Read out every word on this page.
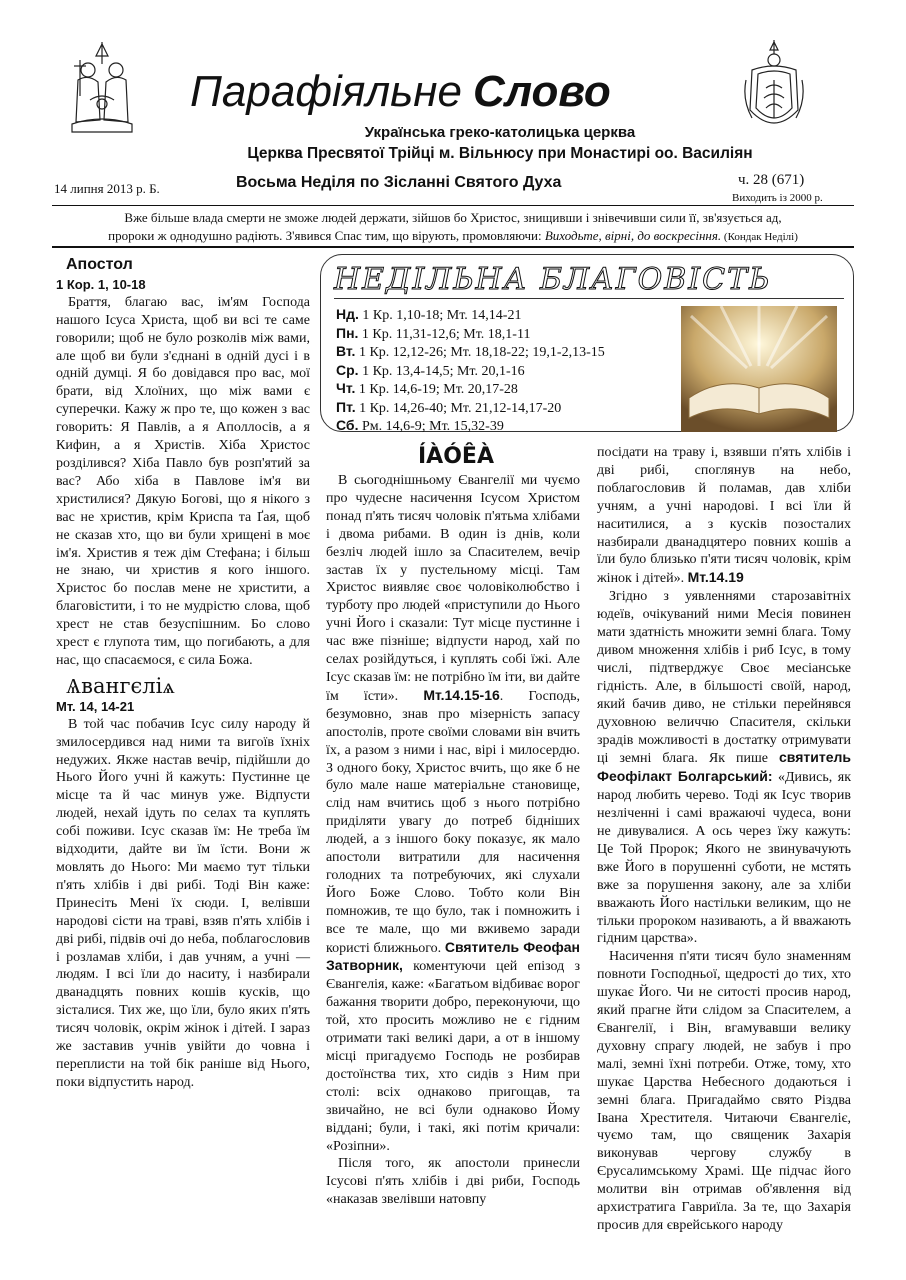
Парафіяльне Слово
Українська греко-католицька церква
Церква Пресвятої Трійці м. Вільнюсу при Монастирі оо. Василіян
14 липня 2013 р. Б.	Восьма Неділя по Зісланні Святого Духа	ч. 28 (671)
Виходить із 2000 р.
Вже більше влада смерти не зможе людей держати, зійшов бо Христос, знищивши і знівечивши сили її, зв'язується ад,
пророки ж однодушно радіють. З'явився Спас тим, що вірують, промовляючи: Виходьте, вірні, до воскресіння. (Кондак Неділі)
Апостол
1 Кор. 1, 10-18

Браття, благаю вас, ім'ям Господа нашого Ісуса Христа, щоб ви всі те саме говорили; щоб не було розколів між вами, але щоб ви були з'єднані в одній дусі і в одній думці. Я бо довідався про вас, мої брати, від Хлоїних, що між вами є суперечки. Кажу ж про те, що кожен з вас говорить: Я Павлів, а я Аполлосів, а я Кифин, а я Христів. Хіба Христос розділився? Хіба Павло був розп'ятий за вас? Або хіба в Павлове ім'я ви христилися? Дякую Богові, що я нікого з вас не христив, крім Криспа та Ґая, щоб не сказав хто, що ви були хрищені в моє ім'я. Христив я теж дім Стефана; і більш не знаю, чи христив я кого іншого. Христос бо послав мене не христити, а благовістити, і то не мудрістю слова, щоб хрест не став безуспішним. Бо слово хрест є глупота тим, що погибають, а для нас, що спасаємося, є сила Божа.

Ѧвангєліѧ
Мт. 14, 14-21

В той час побачив Ісус силу народу й змилосердився над ними та вигоїв їхніх недужих. Якже настав вечір, підійшли до Нього Його учні й кажуть: Пустинне це місце та й час минув уже. Відпусти людей, нехай ідуть по селах та куплять собі поживи. Ісус сказав їм: Не треба їм відходити, дайте ви їм їсти. Вони ж мовлять до Нього: Ми маємо тут тільки п'ять хлібів і дві рибі. Тоді Він каже: Принесіть Мені їх сюди. І, велівши народові сісти на траві, взяв п'ять хлібів і дві рибі, підвів очі до неба, поблагословив і розламав хліби, і дав учням, а учні — людям. І всі їли до наситу, і назбирали дванадцять повних кошів кусків, що зісталися. Тих же, що їли, було яких п'ять тисяч чоловік, окрім жінок і дітей. І зараз же заставив учнів увійти до човна і переплисти на той бік раніше від Нього, поки відпустить народ.

НЕДІЛЬНА БЛАГОВІСТЬ
Нд. 1 Кр. 1,10-18; Мт. 14,14-21
Пн. 1 Кр. 11,31-12,6; Мт. 18,1-11
Вт. 1 Кр. 12,12-26; Мт. 18,18-22; 19,1-2,13-15
Ср. 1 Кр. 13,4-14,5; Мт. 20,1-16
Чт. 1 Кр. 14,6-19; Мт. 20,17-28
Пт. 1 Кр. 14,26-40; Мт. 21,12-14,17-20
Сб. Рм. 14,6-9; Мт. 15,32-39
ÍÀÓÊÀ

В сьогоднішньому Євангелії ми чуємо про чудесне насичення Ісусом Христом понад п'ять тисяч чоловік п'ятьма хлібами і двома рибами. В один із днів, коли безліч людей ішло за Спасителем, вечір застав їх у пустельному місці. Там Христос виявляє своє чоловіколюбство і турботу про людей «приступили до Нього учні Його і сказали: Тут місце пустинне і час вже пізніше; відпусти народ, хай по селах розійдуться, і куплять собі їжі. Але Ісус сказав їм: не потрібно їм іти, ви дайте їм їсти». Мт.14.15-16. Господь, безумовно, знав про мізерність запасу апостолів, проте своїми словами він вчить їх, а разом з ними і нас, вірі і милосердю. З одного боку, Христос вчить, що яке б не було мале наше матеріальне становище, слід нам вчитись щоб з нього потрібно приділяти увагу до потреб бідніших людей, а з іншого боку показує, як мало апостоли витратили для насичення голодних та потребуючих, які слухали Його Боже Слово. Тобто коли Він помножив, те що було, так і помножить і все те мале, що ми вживемо заради користі ближнього. Святитель Феофан Затворник, коментуючи цей епізод з Євангелія, каже: «Багатьом відбиває ворог бажання творити добро, переконуючи, що той, хто просить можливо не є гідним отримати такі великі дари, а от в іншому місці пригадуємо Господь не розбирав достоїнства тих, хто сидів з Ним при столі: всіх однаково пригощав, та звичайно, не всі були однаково Йому віддані; були, і такі, які потім кричали: «Розіпни».

Після того, як апостоли принесли Ісусові п'ять хлібів і дві риби, Господь «наказав звелівши натовпу

посідати на траву і, взявши п'ять хлібів і дві рибі, споглянув на небо, поблагословив й поламав, дав хліби учням, а учні народові. І всі їли й наситилися, а з кусків позосталих назбирали дванадцятеро повних кошів а їли було близько п'яти тисяч чоловік, крім жінок і дітей». Мт.14.19

Згідно з уявленнями старозавітніх юдеїв, очікуваний ними Месія повинен мати здатність множити земні блага. Тому дивом множення хлібів і риб Ісус, в тому числі, підтверджує Своє месіанське гідність. Але, в більшості своїй, народ, який бачив диво, не стільки перейнявся духовною величчю Спасителя, скільки зрадів можливості в достатку отримувати ці земні блага. Як пише святитель Феофілакт Болгарський: «Дивись, як народ любить черево. Тоді як Ісус творив незліченні і самі вражаючі чудеса, вони не дивувалися. А ось через їжу кажуть: Це Той Пророк; Якого не звинувачують вже Його в порушенні суботи, не мстять вже за порушення закону, але за хліби вважають Його настільки великим, що не тільки пророком називають, а й вважають гідним царства».

Насичення п'яти тисяч було знаменням повноти Господньої, щедрості до тих, хто шукає Його. Чи не ситості просив народ, який прагне йти слідом за Спасителем, а Євангелії, і Він, вгамувавши велику духовну спрагу людей, не забув і про малі, земні їхні потреби. Отже, тому, хто шукає Царства Небесного додаються і земні блага. Пригадаймо свято Різдва Івана Хрестителя. Читаючи Євангеліє, чуємо там, що священик Захарія виконував чергову службу в Єрусалимському Храмі. Ще підчас його молитви він отримав об'явлення від архистратига Гавриїла. За те, що Захарія просив для єврейського народу
